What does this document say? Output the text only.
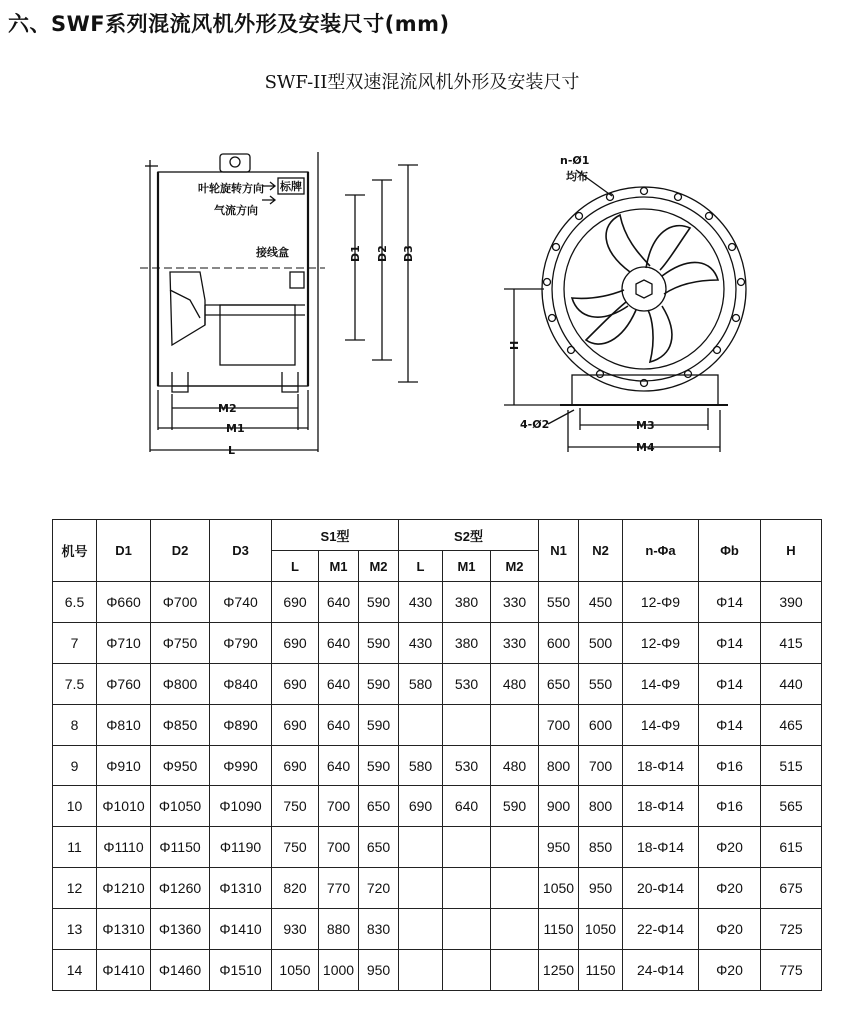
六、SWF系列混流风机外形及安装尺寸(mm)
SWF-II型双速混流风机外形及安装尺寸
叶轮旋转方向
气流方向
标牌
接线盒
M2
M1
L
D1 D2 D3
n-Ø1
均布
H
4-Ø2	M3
M4
机号	D1	D2	D3	S1型			S2型			N1	N2	n-Φa	Φb	H
				L	M1	M2	L	M1	M2					
6.5	Φ660	Φ700	Φ740	690	640	590	430	380	330	550	450	12-Φ9	Φ14	390
7	Φ710	Φ750	Φ790	690	640	590	430	380	330	600	500	12-Φ9	Φ14	415
7.5	Φ760	Φ800	Φ840	690	640	590	580	530	480	650	550	14-Φ9	Φ14	440
8	Φ810	Φ850	Φ890	690	640	590				700	600	14-Φ9	Φ14	465
9	Φ910	Φ950	Φ990	690	640	590	580	530	480	800	700	18-Φ14	Φ16	515
10	Φ1010	Φ1050	Φ1090	750	700	650	690	640	590	900	800	18-Φ14	Φ16	565
11	Φ1110	Φ1150	Φ1190	750	700	650				950	850	18-Φ14	Φ20	615
12	Φ1210	Φ1260	Φ1310	820	770	720				1050	950	20-Φ14	Φ20	675
13	Φ1310	Φ1360	Φ1410	930	880	830				1150	1050	22-Φ14	Φ20	725
14	Φ1410	Φ1460	Φ1510	1050	1000	950				1250	1150	24-Φ14	Φ20	775
